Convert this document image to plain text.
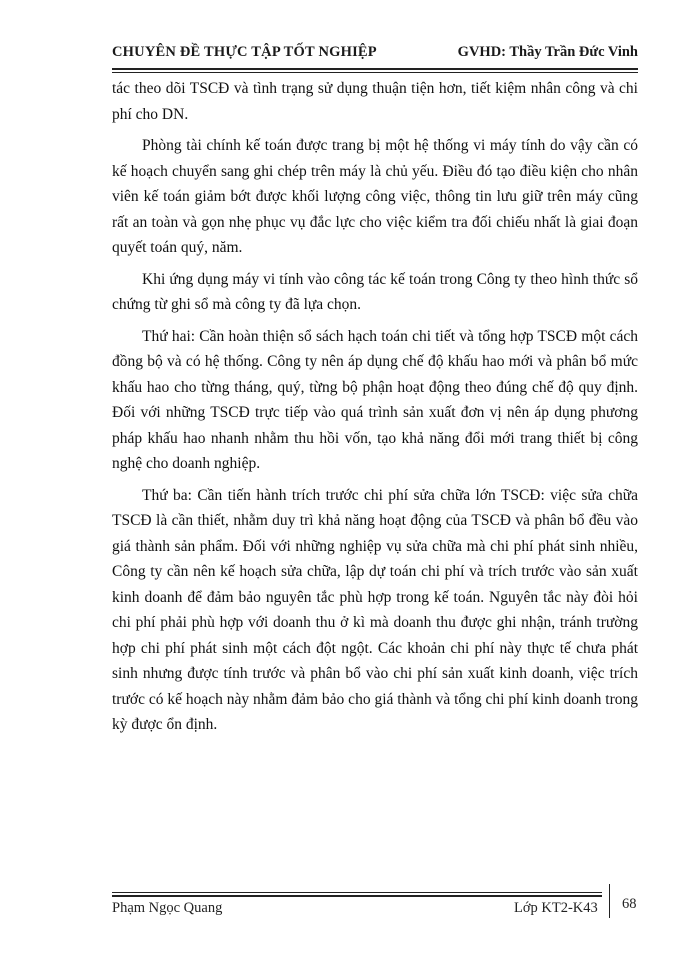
CHUYÊN ĐỀ THỰC TẬP TỐT NGHIỆP	GVHD: Thầy Trần Đức Vinh

tác theo dõi TSCĐ và tình trạng sử dụng thuận tiện hơn, tiết kiệm nhân công và chi phí cho DN.

Phòng tài chính kế toán được trang bị một hệ thống vi máy tính do vậy cần có kế hoạch chuyển sang ghi chép trên máy là chủ yếu. Điều đó tạo điều kiện cho nhân viên kế toán giảm bớt được khối lượng công việc, thông tin lưu giữ trên máy cũng rất an toàn và gọn nhẹ phục vụ đắc lực cho việc kiểm tra đối chiếu nhất là giai đoạn quyết toán quý, năm.

Khi ứng dụng máy vi tính vào công tác kế toán trong Công ty theo hình thức sổ chứng từ ghi sổ mà công ty đã lựa chọn.

Thứ hai: Cần hoàn thiện sổ sách hạch toán chi tiết và tổng hợp TSCĐ một cách đồng bộ và có hệ thống. Công ty nên áp dụng chế độ khấu hao mới và phân bổ mức khấu hao cho từng tháng, quý, từng bộ phận hoạt động theo đúng chế độ quy định. Đối với những TSCĐ trực tiếp vào quá trình sản xuất đơn vị nên áp dụng phương pháp khấu hao nhanh nhằm thu hồi vốn, tạo khả năng đổi mới trang thiết bị công nghệ cho doanh nghiệp.

Thứ ba: Cần tiến hành trích trước chi phí sửa chữa lớn TSCĐ: việc sửa chữa TSCĐ là cần thiết, nhằm duy trì khả năng hoạt động của TSCĐ và phân bổ đều vào giá thành sản phẩm. Đối với những nghiệp vụ sửa chữa mà chi phí phát sinh nhiều, Công ty cần nên kế hoạch sửa chữa, lập dự toán chi phí và trích trước vào sản xuất kinh doanh để đảm bảo nguyên tắc phù hợp trong kế toán. Nguyên tắc này đòi hỏi chi phí phải phù hợp với doanh thu ở kì mà doanh thu được ghi nhận, tránh trường hợp chi phí phát sinh một cách đột ngột. Các khoản chi phí này thực tế chưa phát sinh nhưng được tính trước và phân bổ vào chi phí sản xuất kinh doanh, việc trích trước có kế hoạch này nhằm đảm bảo cho giá thành và tổng chi phí kinh doanh trong kỳ được ổn định.

Phạm Ngọc Quang	Lớp KT2-K43 68
